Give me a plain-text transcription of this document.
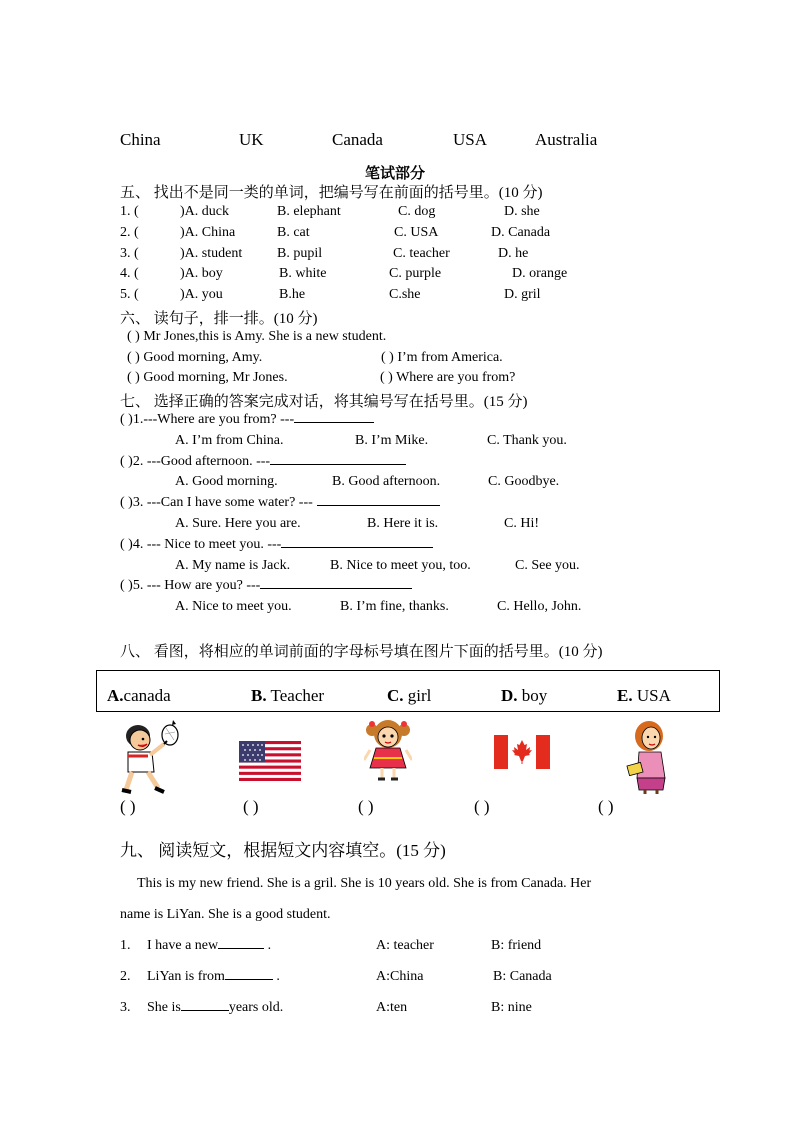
China	UK	Canada	USA	Australia
笔试部分
五、 找出不是同一类的单词，把编号写在前面的括号里。(10 分)
1. (	)A. duck	B. elephant	C. dog	D. she
2. (	)A. China	B. cat	C. USA	D. Canada
3. (	)A. student B. pupil	C. teacher	D. he
4. (	)A. boy	B. white	C. purple	D. orange
5. (	)A. you	B.he	C.she	D. gril
六、 读句子，排一排。(10 分)
( ) Mr Jones,this is Amy. She is a new student.
( ) Good morning, Amy.	( ) I’m from America.
( ) Good morning, Mr Jones.	( ) Where are you from?
七、 选择正确的答案完成对话，将其编号写在括号里。(15 分)
( )1.---Where are you from? ---
A. I’m from China.	B. I’m Mike.	C. Thank you.
( )2. ---Good afternoon. ---
A. Good morning.	B. Good afternoon.	C. Goodbye.
( )3. ---Can I have some water? ---
A. Sure. Here you are.	B. Here it is.	C. Hi!
( )4. --- Nice to meet you. ---
A. My name is Jack.	B. Nice to meet you, too.	C. See you.
( )5. --- How are you? ---
A. Nice to meet you.	B. I’m fine, thanks.	C. Hello, John.
八、 看图，将相应的单词前面的字母标号填在图片下面的括号里。(10 分)
A.canada	B. Teacher	C. girl	D. boy	E. USA
( )	( )	( )	( )	( )
九、 阅读短文，根据短文内容填空。(15 分)
This is my new friend. She is a gril. She is 10 years old. She is from Canada. Her
name is LiYan. She is a good student.
1. I have a new	.	A: teacher	B: friend
2. LiYan is from	.	A:China	B: Canada
3. She is	years old.	A:ten	B: nine
